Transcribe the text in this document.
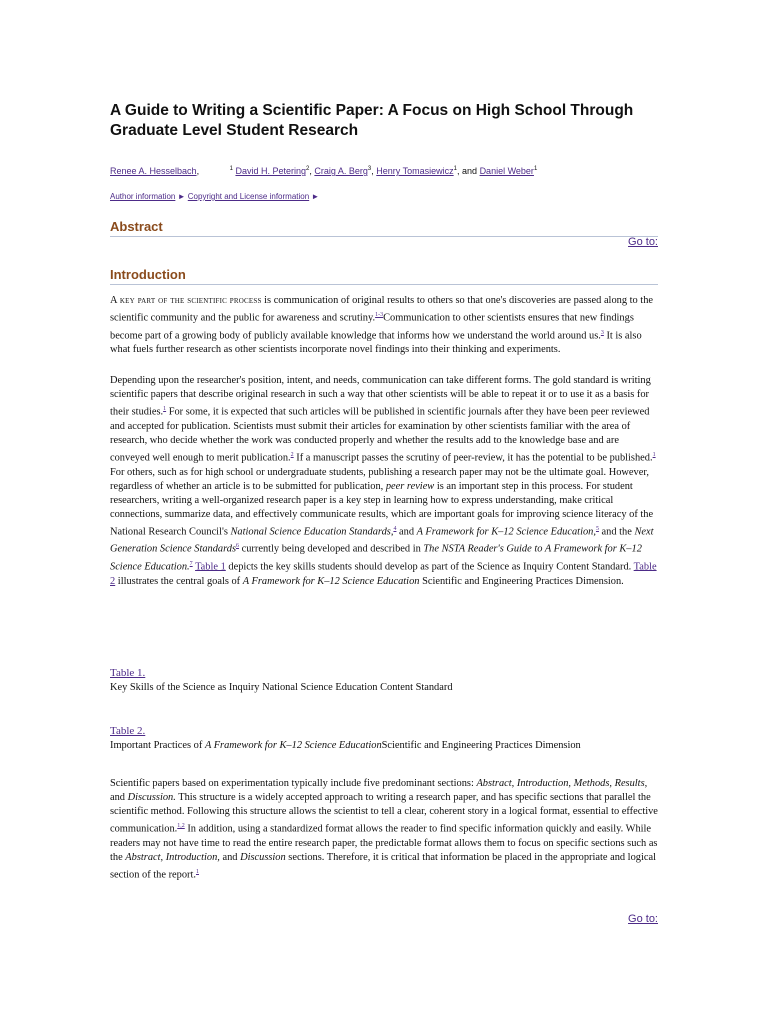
A Guide to Writing a Scientific Paper: A Focus on High School Through Graduate Level Student Research
Renee A. Hesselbach,	$^1$ David H. Petering$^2$, Craig A. Berg$^3$, Henry Tomasiewicz$^1$, and Daniel Weber$^1$
Author information ► Copyright and License information ►
Abstract
Go to:
Introduction
A key part of the scientific process is communication of original results to others so that one's discoveries are passed along to the scientific community and the public for awareness and scrutiny.$^{1-3}$Communication to other scientists ensures that new findings become part of a growing body of publicly available knowledge that informs how we understand the world around us.$^3$ It is also what fuels further research as other scientists incorporate novel findings into their thinking and experiments.
Depending upon the researcher's position, intent, and needs, communication can take different forms. The gold standard is writing scientific papers that describe original research in such a way that other scientists will be able to repeat it or to use it as a basis for their studies.$^1$ For some, it is expected that such articles will be published in scientific journals after they have been peer reviewed and accepted for publication. Scientists must submit their articles for examination by other scientists familiar with the area of research, who decide whether the work was conducted properly and whether the results add to the knowledge base and are conveyed well enough to merit publication.$^2$ If a manuscript passes the scrutiny of peer-review, it has the potential to be published.$^1$ For others, such as for high school or undergraduate students, publishing a research paper may not be the ultimate goal. However, regardless of whether an article is to be submitted for publication, peer review is an important step in this process. For student researchers, writing a well-organized research paper is a key step in learning how to express understanding, make critical connections, summarize data, and effectively communicate results, which are important goals for improving science literacy of the National Research Council's National Science Education Standards,$^4$ and A Framework for K–12 Science Education,$^5$ and the Next Generation Science Standards$^6$ currently being developed and described in The NSTA Reader's Guide to A Framework for K–12 Science Education.$^7$ Table 1 depicts the key skills students should develop as part of the Science as Inquiry Content Standard. Table 2 illustrates the central goals of A Framework for K–12 Science Education Scientific and Engineering Practices Dimension.
Table 1.
Key Skills of the Science as Inquiry National Science Education Content Standard
Table 2.
Important Practices of A Framework for K–12 Science EducationScientific and Engineering Practices Dimension
Scientific papers based on experimentation typically include five predominant sections: Abstract, Introduction, Methods, Results, and Discussion. This structure is a widely accepted approach to writing a research paper, and has specific sections that parallel the scientific method. Following this structure allows the scientist to tell a clear, coherent story in a logical format, essential to effective communication.$^{1,2}$ In addition, using a standardized format allows the reader to find specific information quickly and easily. While readers may not have time to read the entire research paper, the predictable format allows them to focus on specific sections such as the Abstract, Introduction, and Discussion sections. Therefore, it is critical that information be placed in the appropriate and logical section of the report.$^1$
Go to:
